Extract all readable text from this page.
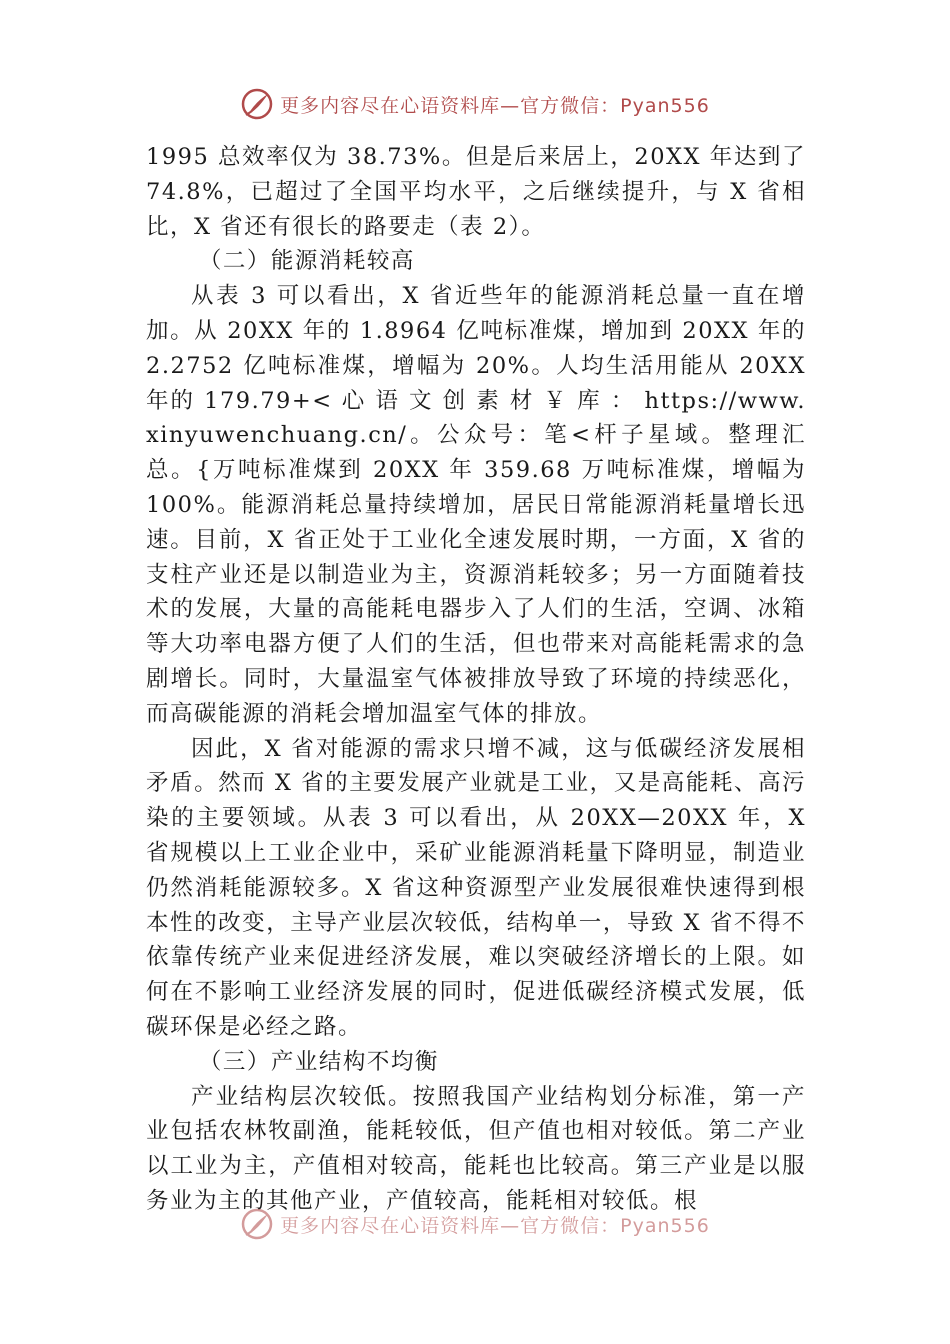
更多内容尽在心语资料库—官方微信：Pyan556

1995 总效率仅为 38.73%。但是后来居上，20XX 年达到了 74.8%，已超过了全国平均水平，之后继续提升，与 X 省相比，X 省还有很长的路要走（表 2）。

（二）能源消耗较高

从表 3 可以看出，X 省近些年的能源消耗总量一直在增加。从 20XX 年的 1.8964 亿吨标准煤，增加到 20XX 年的 2.2752 亿吨标准煤，增幅为 20%。人均生活用能从 20XX 年的 179.79+< 心 语 文 创 素 材 ￥ 库 ： https://www.xinyuwenchuang.cn/。公众号：笔<杆子星域。整理汇总。{万吨标准煤到 20XX 年 359.68 万吨标准煤，增幅为 100%。能源消耗总量持续增加，居民日常能源消耗量增长迅速。目前，X 省正处于工业化全速发展时期，一方面，X 省的支柱产业还是以制造业为主，资源消耗较多；另一方面随着技术的发展，大量的高能耗电器步入了人们的生活，空调、冰箱等大功率电器方便了人们的生活，但也带来对高能耗需求的急剧增长。同时，大量温室气体被排放导致了环境的持续恶化，而高碳能源的消耗会增加温室气体的排放。

因此，X 省对能源的需求只增不减，这与低碳经济发展相矛盾。然而 X 省的主要发展产业就是工业，又是高能耗、高污染的主要领域。从表 3 可以看出，从 20XX—20XX 年，X 省规模以上工业企业中，采矿业能源消耗量下降明显，制造业仍然消耗能源较多。X 省这种资源型产业发展很难快速得到根本性的改变，主导产业层次较低，结构单一，导致 X 省不得不依靠传统产业来促进经济发展，难以突破经济增长的上限。如何在不影响工业经济发展的同时，促进低碳经济模式发展，低碳环保是必经之路。

（三）产业结构不均衡

产业结构层次较低。按照我国产业结构划分标准，第一产业包括农林牧副渔，能耗较低，但产值也相对较低。第二产业以工业为主，产值相对较高，能耗也比较高。第三产业是以服务业为主的其他产业，产值较高，能耗相对较低。根

更多内容尽在心语资料库—官方微信：Pyan556
